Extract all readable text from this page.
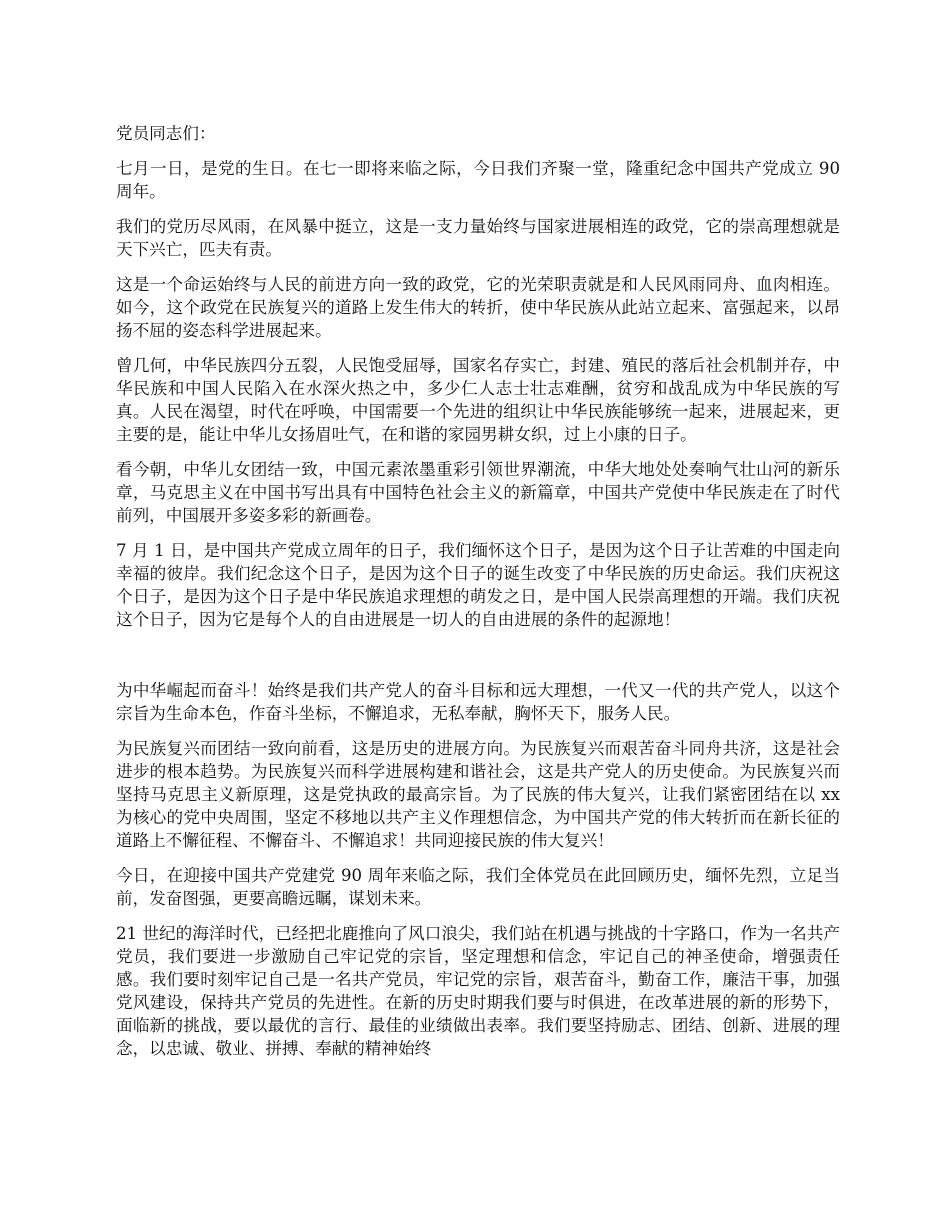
党员同志们：

七月一日，是党的生日。在七一即将来临之际，今日我们齐聚一堂，隆重纪念中国共产党成立 90 周年。

我们的党历尽风雨，在风暴中挺立，这是一支力量始终与国家进展相连的政党，它的崇高理想就是天下兴亡，匹夫有责。

这是一个命运始终与人民的前进方向一致的政党，它的光荣职责就是和人民风雨同舟、血肉相连。如今，这个政党在民族复兴的道路上发生伟大的转折，使中华民族从此站立起来、富强起来，以昂扬不屈的姿态科学进展起来。

曾几何，中华民族四分五裂，人民饱受屈辱，国家名存实亡，封建、殖民的落后社会机制并存，中华民族和中国人民陷入在水深火热之中，多少仁人志士壮志难酬，贫穷和战乱成为中华民族的写真。人民在渴望，时代在呼唤，中国需要一个先进的组织让中华民族能够统一起来，进展起来，更主要的是，能让中华儿女扬眉吐气，在和谐的家园男耕女织，过上小康的日子。

看今朝，中华儿女团结一致，中国元素浓墨重彩引领世界潮流，中华大地处处奏响气壮山河的新乐章，马克思主义在中国书写出具有中国特色社会主义的新篇章，中国共产党使中华民族走在了时代前列，中国展开多姿多彩的新画卷。

7 月 1 日，是中国共产党成立周年的日子，我们缅怀这个日子，是因为这个日子让苦难的中国走向幸福的彼岸。我们纪念这个日子，是因为这个日子的诞生改变了中华民族的历史命运。我们庆祝这个日子，是因为这个日子是中华民族追求理想的萌发之日，是中国人民崇高理想的开端。我们庆祝这个日子，因为它是每个人的自由进展是一切人的自由进展的条件的起源地！

为中华崛起而奋斗！始终是我们共产党人的奋斗目标和远大理想，一代又一代的共产党人，以这个宗旨为生命本色，作奋斗坐标，不懈追求，无私奉献，胸怀天下，服务人民。

为民族复兴而团结一致向前看，这是历史的进展方向。为民族复兴而艰苦奋斗同舟共济，这是社会进步的根本趋势。为民族复兴而科学进展构建和谐社会，这是共产党人的历史使命。为民族复兴而坚持马克思主义新原理，这是党执政的最高宗旨。为了民族的伟大复兴，让我们紧密团结在以 xx 为核心的党中央周围，坚定不移地以共产主义作理想信念，为中国共产党的伟大转折而在新长征的道路上不懈征程、不懈奋斗、不懈追求！共同迎接民族的伟大复兴！

今日，在迎接中国共产党建党 90 周年来临之际，我们全体党员在此回顾历史，缅怀先烈，立足当前，发奋图强，更要高瞻远瞩，谋划未来。

21 世纪的海洋时代，已经把北鹿推向了风口浪尖，我们站在机遇与挑战的十字路口，作为一名共产党员，我们要进一步激励自己牢记党的宗旨，坚定理想和信念，牢记自己的神圣使命，增强责任感。我们要时刻牢记自己是一名共产党员，牢记党的宗旨，艰苦奋斗，勤奋工作，廉洁干事，加强党风建设，保持共产党员的先进性。在新的历史时期我们要与时俱进，在改革进展的新的形势下，面临新的挑战，要以最优的言行、最佳的业绩做出表率。我们要坚持励志、团结、创新、进展的理念，以忠诚、敬业、拼搏、奉献的精神始终
